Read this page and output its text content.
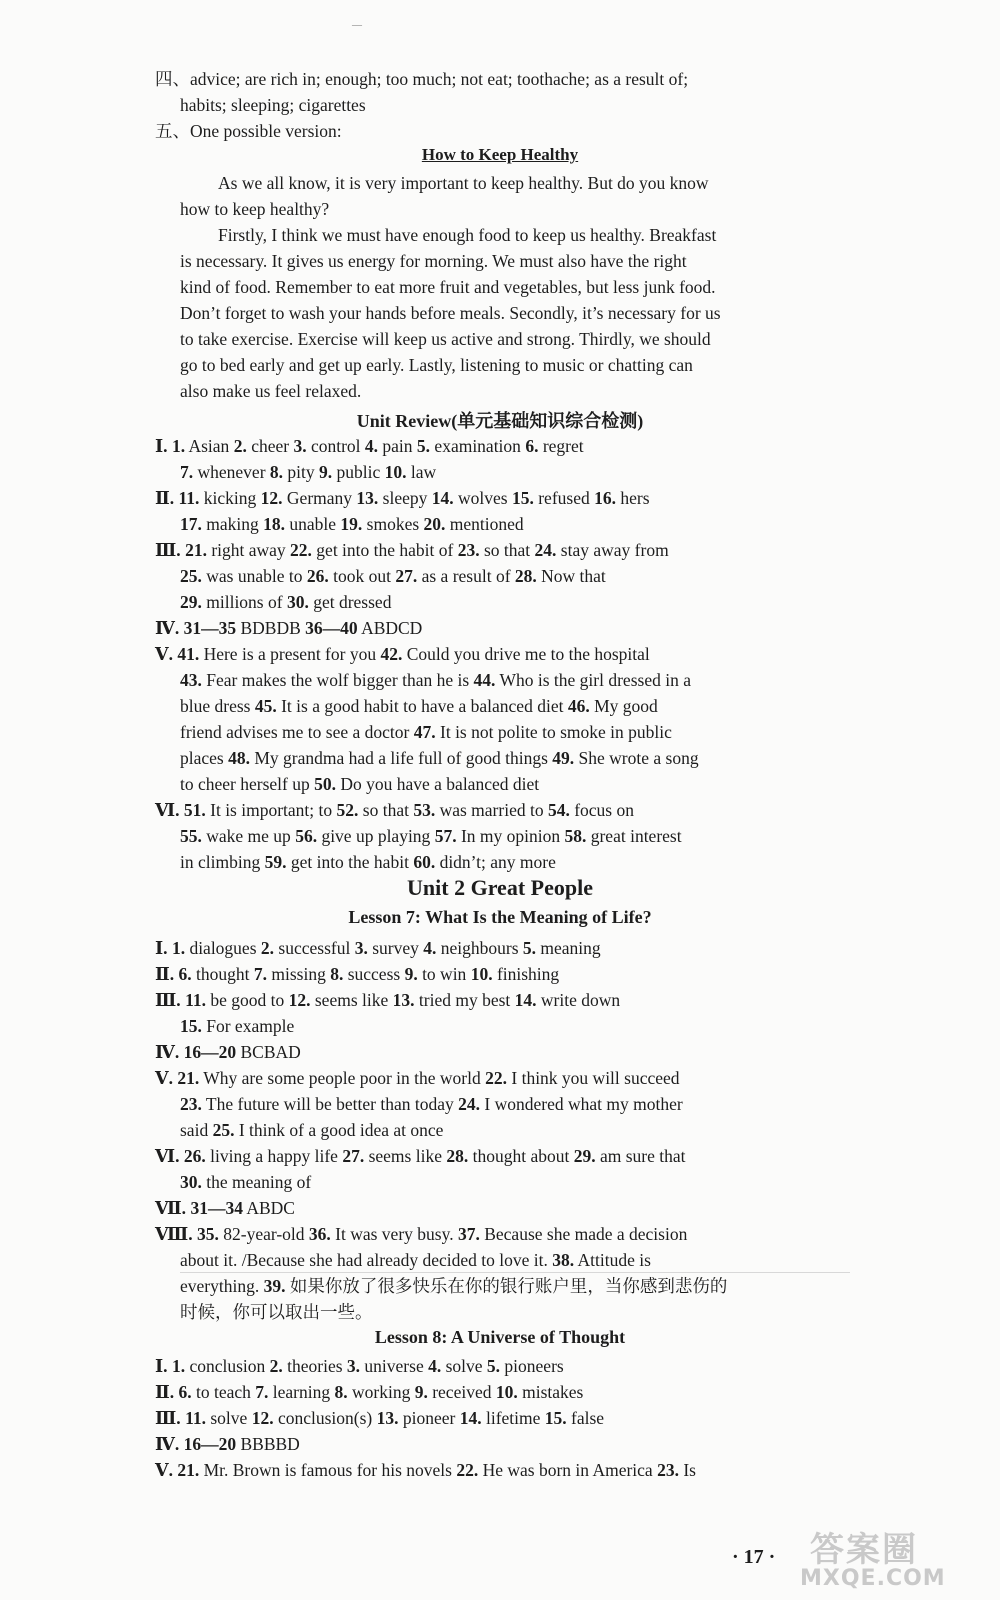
—
四、advice; are rich in; enough; too much; not eat; toothache; as a result of;
habits; sleeping; cigarettes
五、One possible version:
How to Keep Healthy
As we all know, it is very important to keep healthy. But do you know
how to keep healthy?
Firstly, I think we must have enough food to keep us healthy. Breakfast
is necessary. It gives us energy for morning. We must also have the right
kind of food. Remember to eat more fruit and vegetables, but less junk food.
Don’t forget to wash your hands before meals. Secondly, it’s necessary for us
to take exercise. Exercise will keep us active and strong. Thirdly, we should
go to bed early and get up early. Lastly, listening to music or chatting can
also make us feel relaxed.
Unit Review(单元基础知识综合检测)
Ⅰ. 1. Asian 2. cheer 3. control 4. pain 5. examination 6. regret
7. whenever 8. pity 9. public 10. law
Ⅱ. 11. kicking 12. Germany 13. sleepy 14. wolves 15. refused 16. hers
17. making 18. unable 19. smokes 20. mentioned
Ⅲ. 21. right away 22. get into the habit of 23. so that 24. stay away from
25. was unable to 26. took out 27. as a result of 28. Now that
29. millions of 30. get dressed
Ⅳ. 31—35 BDBDB 36—40 ABDCD
Ⅴ. 41. Here is a present for you 42. Could you drive me to the hospital
43. Fear makes the wolf bigger than he is 44. Who is the girl dressed in a
blue dress 45. It is a good habit to have a balanced diet 46. My good
friend advises me to see a doctor 47. It is not polite to smoke in public
places 48. My grandma had a life full of good things 49. She wrote a song
to cheer herself up 50. Do you have a balanced diet
Ⅵ. 51. It is important; to 52. so that 53. was married to 54. focus on
55. wake me up 56. give up playing 57. In my opinion 58. great interest
in climbing 59. get into the habit 60. didn’t; any more
Unit 2 Great People
Lesson 7: What Is the Meaning of Life?
Ⅰ. 1. dialogues 2. successful 3. survey 4. neighbours 5. meaning
Ⅱ. 6. thought 7. missing 8. success 9. to win 10. finishing
Ⅲ. 11. be good to 12. seems like 13. tried my best 14. write down
15. For example
Ⅳ. 16—20 BCBAD
Ⅴ. 21. Why are some people poor in the world 22. I think you will succeed
23. The future will be better than today 24. I wondered what my mother
said 25. I think of a good idea at once
Ⅵ. 26. living a happy life 27. seems like 28. thought about 29. am sure that
30. the meaning of
Ⅶ. 31—34 ABDC
Ⅷ. 35. 82-year-old 36. It was very busy. 37. Because she made a decision
about it. /Because she had already decided to love it. 38. Attitude is
everything. 39. 如果你放了很多快乐在你的银行账户里，当你感到悲伤的
时候，你可以取出一些。
Lesson 8: A Universe of Thought
Ⅰ. 1. conclusion 2. theories 3. universe 4. solve 5. pioneers
Ⅱ. 6. to teach 7. learning 8. working 9. received 10. mistakes
Ⅲ. 11. solve 12. conclusion(s) 13. pioneer 14. lifetime 15. false
Ⅳ. 16—20 BBBBD
Ⅴ. 21. Mr. Brown is famous for his novels 22. He was born in America 23. Is
· 17 · 答案圈
MXQE.COM
